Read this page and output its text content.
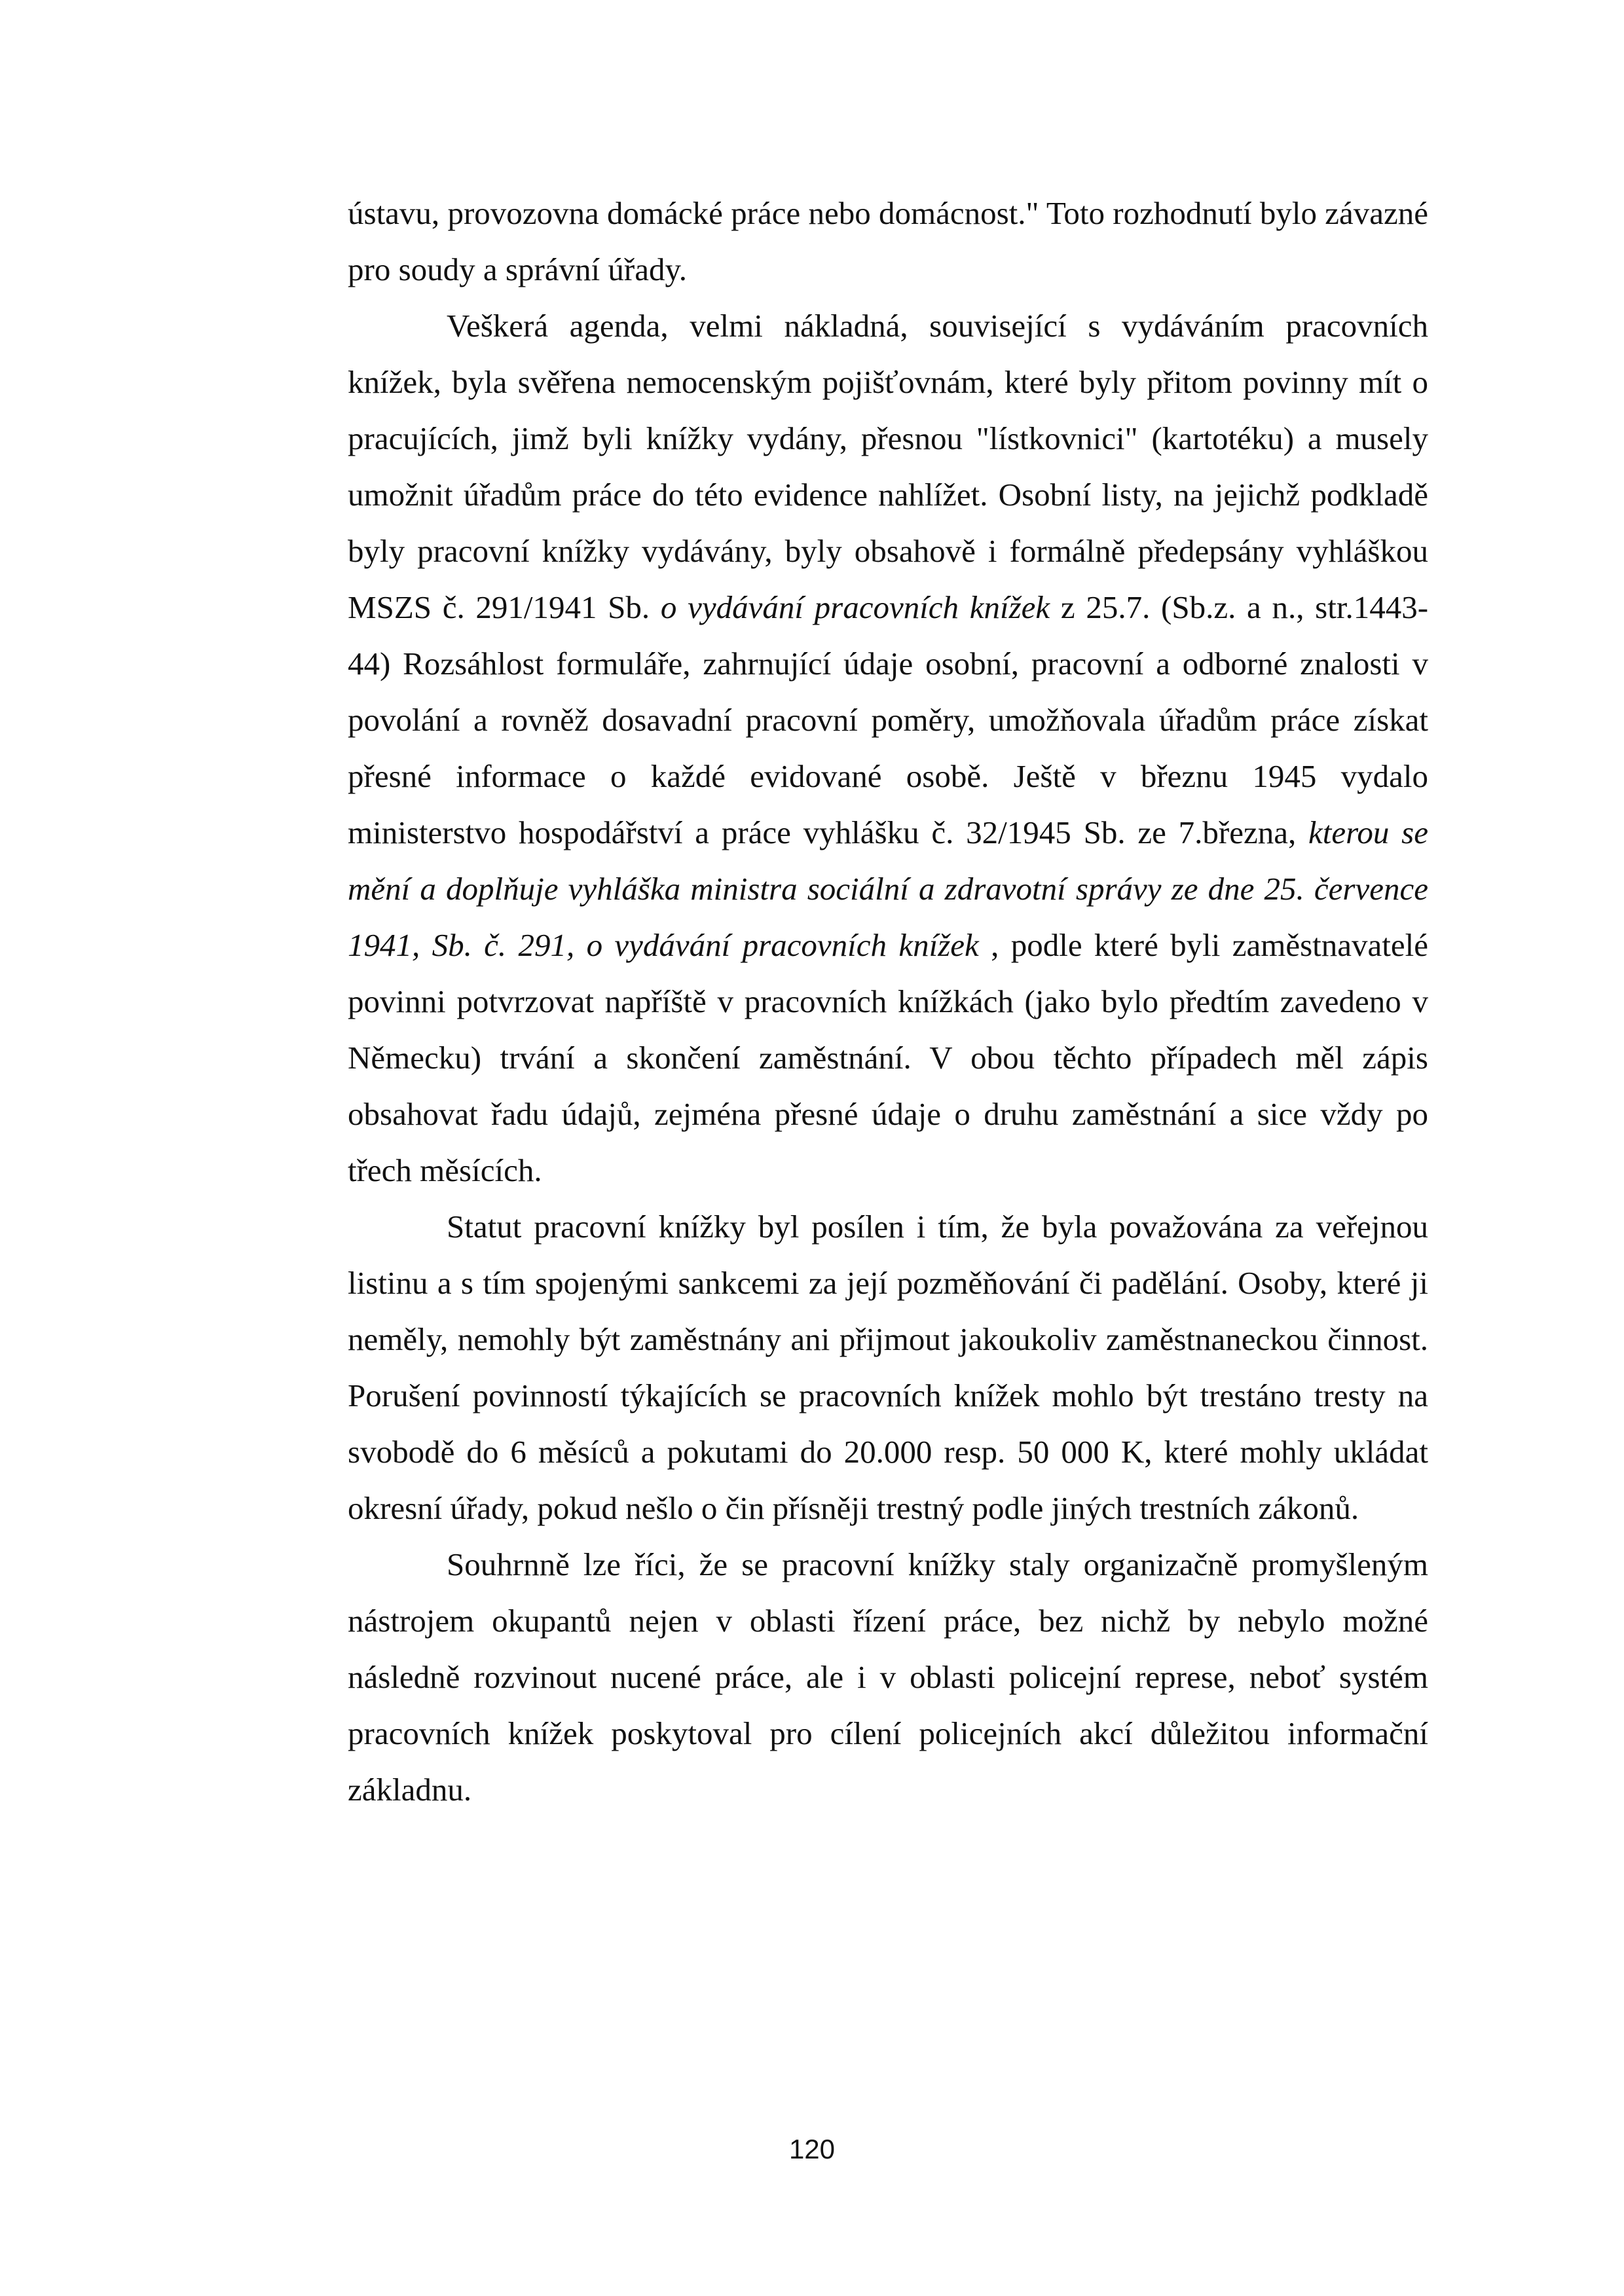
ústavu, provozovna domácké práce nebo domácnost." Toto rozhodnutí bylo závazné pro soudy a správní úřady.

Veškerá agenda, velmi nákladná, související s vydáváním pracovních knížek, byla svěřena nemocenským pojišťovnám, které byly přitom povinny mít o pracujících, jimž byli knížky vydány, přesnou "lístkovnici" (kartotéku) a musely umožnit úřadům práce do této evidence nahlížet. Osobní listy, na jejichž podkladě byly pracovní knížky vydávány, byly obsahově i formálně předepsány vyhláškou MSZS č. 291/1941 Sb. o vydávání pracovních knížek z 25.7. (Sb.z. a n., str.1443-44) Rozsáhlost formuláře, zahrnující údaje osobní, pracovní a odborné znalosti v povolání a rovněž dosavadní pracovní poměry, umožňovala úřadům práce získat přesné informace o každé evidované osobě. Ještě v březnu 1945 vydalo ministerstvo hospodářství a práce vyhlášku č. 32/1945 Sb. ze 7.března, kterou se mění a doplňuje vyhláška ministra sociální a zdravotní správy ze dne 25. července 1941, Sb. č. 291, o vydávání pracovních knížek , podle které byli zaměstnavatelé povinni potvrzovat napříště v pracovních knížkách (jako bylo předtím zavedeno v Německu) trvání a skončení zaměstnání. V obou těchto případech měl zápis obsahovat řadu údajů, zejména přesné údaje o druhu zaměstnání a sice vždy po třech měsících.

Statut pracovní knížky byl posílen i tím, že byla považována za veřejnou listinu a s tím spojenými sankcemi za její pozměňování či padělání. Osoby, které ji neměly, nemohly být zaměstnány ani přijmout jakoukoliv zaměstnaneckou činnost. Porušení povinností týkajících se pracovních knížek mohlo být trestáno tresty na svobodě do 6 měsíců a pokutami do 20.000 resp. 50 000 K, které mohly ukládat okresní úřady, pokud nešlo o čin přísněji trestný podle jiných trestních zákonů.

Souhrnně lze říci, že se pracovní knížky staly organizačně promyšleným nástrojem okupantů nejen v oblasti řízení práce, bez nichž by nebylo možné následně rozvinout nucené práce, ale i v oblasti policejní represe, neboť systém pracovních knížek poskytoval pro cílení policejních akcí důležitou informační základnu.

120
